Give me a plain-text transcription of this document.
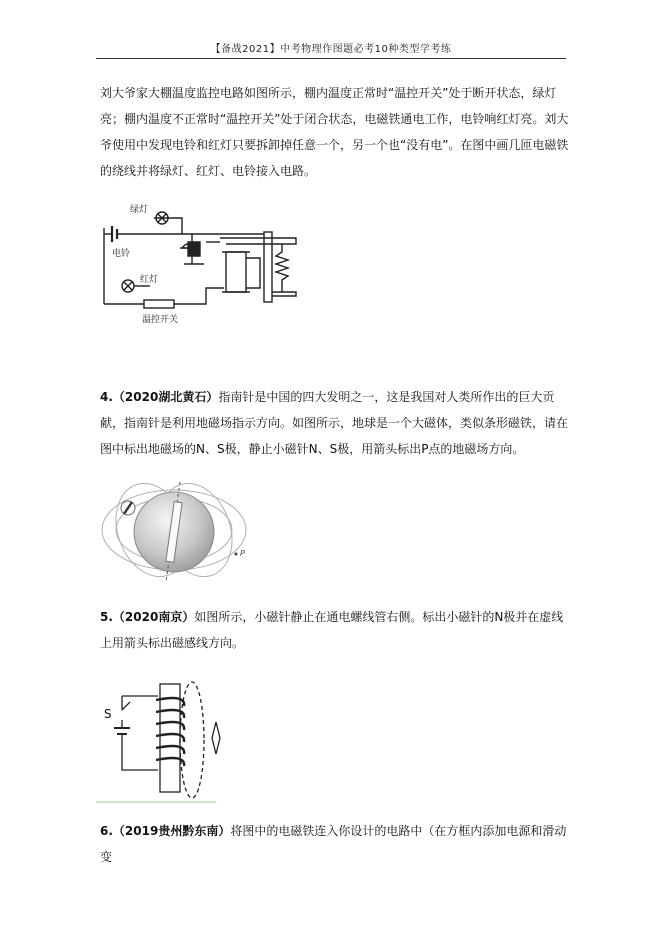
【备战2021】中考物理作图题必考10种类型学考练
刘大爷家大棚温度监控电路如图所示，棚内温度正常时“温控开关”处于断开状态，绿灯亮；棚内温度不正常时“温控开关”处于闭合状态，电磁铁通电工作，电铃响红灯亮。刘大爷使用中发现电铃和红灯只要拆卸掉任意一个，另一个也“没有电”。在图中画几匝电磁铁的绕线并将绿灯、红灯、电铃接入电路。
绿灯
电铃
红灯
温控开关
4.（2020湖北黄石）指南针是中国的四大发明之一，这是我国对人类所作出的巨大贡献，指南针是利用地磁场指示方向。如图所示，地球是一个大磁体，类似条形磁铁，请在图中标出地磁场的N、S极，静止小磁针N、S极，用箭头标出P点的地磁场方向。
P
5.（2020南京）如图所示，小磁针静止在通电螺线管右侧。标出小磁针的N极并在虚线上用箭头标出磁感线方向。
S
6.（2019贵州黔东南）将图中的电磁铁连入你设计的电路中（在方框内添加电源和滑动变
